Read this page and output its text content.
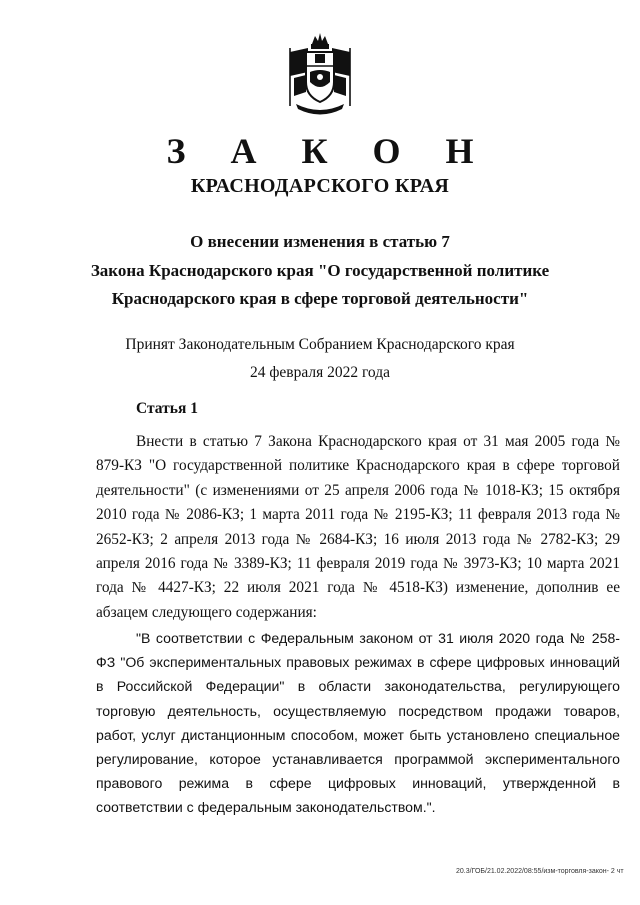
З А К О Н
КРАСНОДАРСКОГО КРАЯ
О внесении изменения в статью 7
Закона Краснодарского края "О государственной политике
Краснодарского края в сфере торговой деятельности"
Принят Законодательным Собранием Краснодарского края
24 февраля 2022 года
Статья 1

Внести в статью 7 Закона Краснодарского края от 31 мая 2005 года № 879-КЗ "О государственной политике Краснодарского края в сфере торговой деятельности" (с изменениями от 25 апреля 2006 года № 1018-КЗ; 15 октября 2010 года № 2086-КЗ; 1 марта 2011 года № 2195-КЗ; 11 февраля 2013 года № 2652-КЗ; 2 апреля 2013 года № 2684-КЗ; 16 июля 2013 года № 2782-КЗ; 29 апреля 2016 года № 3389-КЗ; 11 февраля 2019 года № 3973-КЗ; 10 марта 2021 года № 4427-КЗ; 22 июля 2021 года № 4518-КЗ) изменение, дополнив ее абзацем следующего содержания:

"В соответствии с Федеральным законом от 31 июля 2020 года № 258-ФЗ "Об экспериментальных правовых режимах в сфере цифровых инноваций в Российской Федерации" в области законодательства, регулирующего торговую деятельность, осуществляемую посредством продажи товаров, работ, услуг дистанционным способом, может быть установлено специальное регулирование, которое устанавливается программой экспериментального правового режима в сфере цифровых инноваций, утвержденной в соответствии с федеральным законодательством.".

20.3/ГОБ/21.02.2022/08:55/изм-торговля-закон- 2 чт
